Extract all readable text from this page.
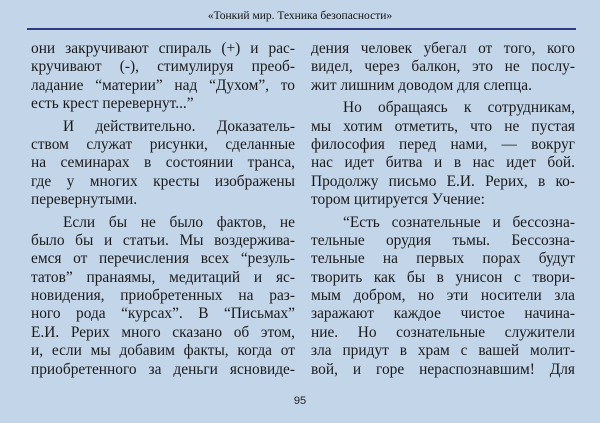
«Тонкий мир. Техника безопасности»
они закручивают спираль (+) и рас-
кручивают (-), стимулируя преоб-
ладание “материи” над “Духом”, то
есть крест перевернут...”
И действительно. Доказатель-
ством служат рисунки, сделанные
на семинарах в состоянии транса,
где у многих кресты изображены
перевернутыми.
Если бы не было фактов, не
было бы и статьи. Мы воздержива-
емся от перечисления всех “резуль-
татов” пранаямы, медитаций и яс-
новидения, приобретенных на раз-
ного рода “курсах”. В “Письмах”
Е.И. Рерих много сказано об этом,
и, если мы добавим факты, когда от
приобретенного за деньги ясновиде-
дения человек убегал от того, кого
видел, через балкон, это не послу-
жит лишним доводом для слепца.
Но обращаясь к сотрудникам,
мы хотим отметить, что не пустая
философия перед нами, — вокруг
нас идет битва и в нас идет бой.
Продолжу письмо Е.И. Рерих, в ко-
тором цитируется Учение:
“Есть сознательные и бессозна-
тельные орудия тьмы. Бессозна-
тельные на первых порах будут
творить как бы в унисон с твори-
мым добром, но эти носители зла
заражают каждое чистое начина-
ние. Но сознательные служители
зла придут в храм с вашей молит-
вой, и горе нераспознавшим! Для
95
